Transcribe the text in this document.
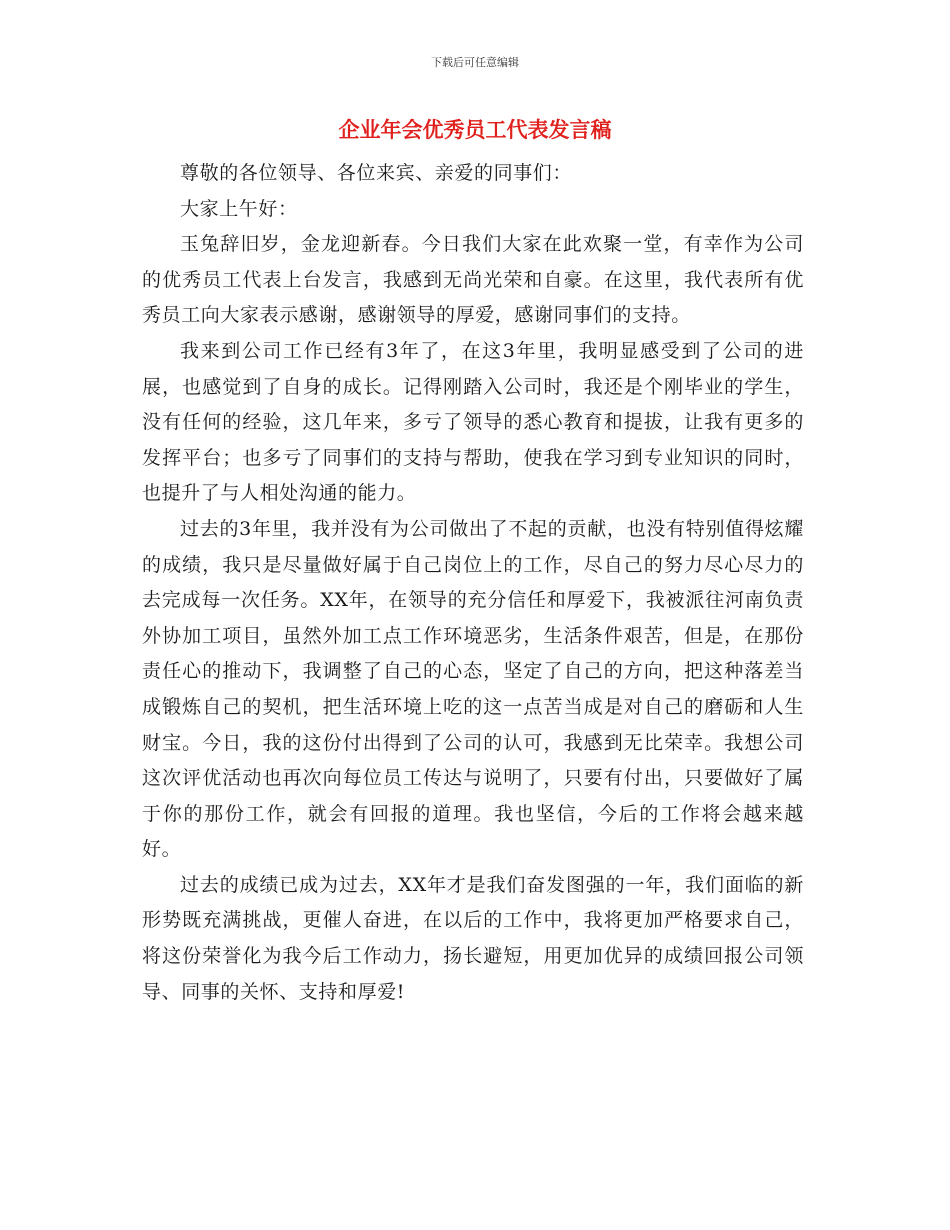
下载后可任意编辑
企业年会优秀员工代表发言稿

尊敬的各位领导、各位来宾、亲爱的同事们：

大家上午好：

玉兔辞旧岁，金龙迎新春。今日我们大家在此欢聚一堂，有幸作为公司的优秀员工代表上台发言，我感到无尚光荣和自豪。在这里，我代表所有优秀员工向大家表示感谢，感谢领导的厚爱，感谢同事们的支持。

我来到公司工作已经有3年了，在这3年里，我明显感受到了公司的进展，也感觉到了自身的成长。记得刚踏入公司时，我还是个刚毕业的学生，没有任何的经验，这几年来，多亏了领导的悉心教育和提拔，让我有更多的发挥平台；也多亏了同事们的支持与帮助，使我在学习到专业知识的同时，也提升了与人相处沟通的能力。

过去的3年里，我并没有为公司做出了不起的贡献，也没有特别值得炫耀的成绩，我只是尽量做好属于自己岗位上的工作，尽自己的努力尽心尽力的去完成每一次任务。XX年，在领导的充分信任和厚爱下，我被派往河南负责外协加工项目，虽然外加工点工作环境恶劣，生活条件艰苦，但是，在那份责任心的推动下，我调整了自己的心态，坚定了自己的方向，把这种落差当成锻炼自己的契机，把生活环境上吃的这一点苦当成是对自己的磨砺和人生财宝。今日，我的这份付出得到了公司的认可，我感到无比荣幸。我想公司这次评优活动也再次向每位员工传达与说明了，只要有付出，只要做好了属于你的那份工作，就会有回报的道理。我也坚信，今后的工作将会越来越好。

过去的成绩已成为过去，XX年才是我们奋发图强的一年，我们面临的新形势既充满挑战，更催人奋进，在以后的工作中，我将更加严格要求自己，将这份荣誉化为我今后工作动力，扬长避短，用更加优异的成绩回报公司领导、同事的关怀、支持和厚爱!
